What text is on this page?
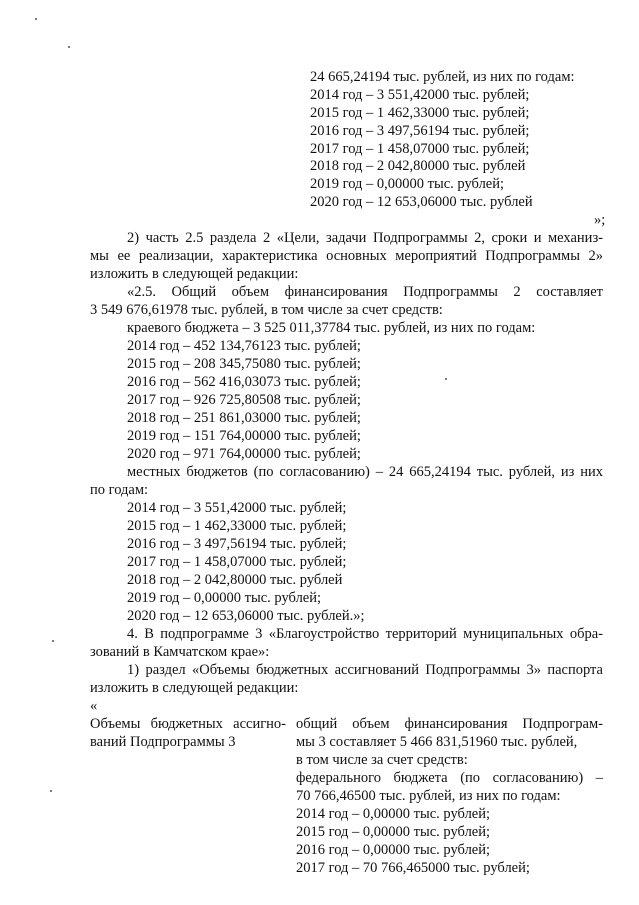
24 665,24194 тыс. рублей, из них по годам:
2014 год – 3 551,42000 тыс. рублей;
2015 год – 1 462,33000 тыс. рублей;
2016 год – 3 497,56194 тыс. рублей;
2017 год – 1 458,07000 тыс. рублей;
2018 год – 2 042,80000 тыс. рублей
2019 год – 0,00000 тыс. рублей;
2020 год – 12 653,06000 тыс. рублей
»;
2) часть 2.5 раздела 2 «Цели, задачи Подпрограммы 2, сроки и механиз-
мы ее реализации, характеристика основных мероприятий Подпрограммы 2»
изложить в следующей редакции:
«2.5. Общий объем финансирования Подпрограммы 2 составляет
3 549 676,61978 тыс. рублей, в том числе за счет средств:
краевого бюджета – 3 525 011,37784 тыс. рублей, из них по годам:
2014 год – 452 134,76123 тыс. рублей;
2015 год – 208 345,75080 тыс. рублей;
2016 год – 562 416,03073 тыс. рублей;
2017 год – 926 725,80508 тыс. рублей;
2018 год – 251 861,03000 тыс. рублей;
2019 год – 151 764,00000 тыс. рублей;
2020 год – 971 764,00000 тыс. рублей;
местных бюджетов (по согласованию) – 24 665,24194 тыс. рублей, из них
по годам:
2014 год – 3 551,42000 тыс. рублей;
2015 год – 1 462,33000 тыс. рублей;
2016 год – 3 497,56194 тыс. рублей;
2017 год – 1 458,07000 тыс. рублей;
2018 год – 2 042,80000 тыс. рублей
2019 год – 0,00000 тыс. рублей;
2020 год – 12 653,06000 тыс. рублей.»;
4. В подпрограмме 3 «Благоустройство территорий муниципальных обра-
зований в Камчатском крае»:
1) раздел «Объемы бюджетных ассигнований Подпрограммы 3» паспорта
изложить в следующей редакции:
«
Объемы бюджетных ассигно-
ваний Подпрограммы 3
общий объем финансирования Подпрограм-
мы 3 составляет 5 466 831,51960 тыс. рублей,
в том числе за счет средств:
федерального бюджета (по согласованию) –
70 766,46500 тыс. рублей, из них по годам:
2014 год – 0,00000 тыс. рублей;
2015 год – 0,00000 тыс. рублей;
2016 год – 0,00000 тыс. рублей;
2017 год – 70 766,465000 тыс. рублей;
